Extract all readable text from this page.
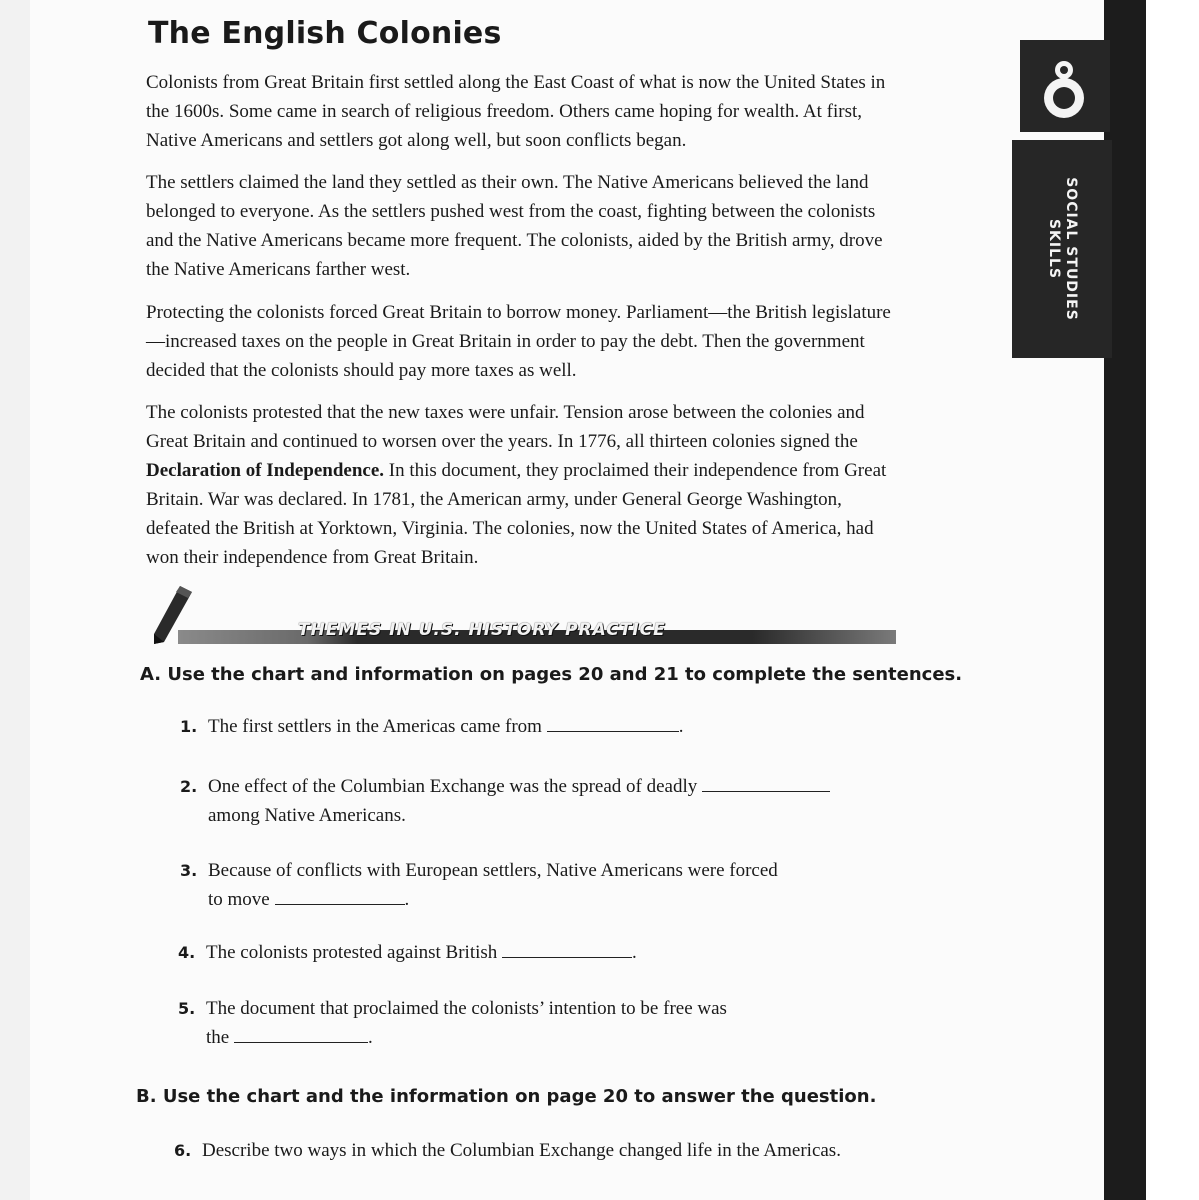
SOCIAL STUDIES
SKILLS
The English Colonies

Colonists from Great Britain first settled along the East Coast of what is now the United States in the 1600s. Some came in search of religious freedom. Others came hoping for wealth. At first, Native Americans and settlers got along well, but soon conflicts began.

The settlers claimed the land they settled as their own. The Native Americans believed the land belonged to everyone. As the settlers pushed west from the coast, fighting between the colonists and the Native Americans became more frequent. The colonists, aided by the British army, drove the Native Americans farther west.

Protecting the colonists forced Great Britain to borrow money. Parliament—the British legislature—increased taxes on the people in Great Britain in order to pay the debt. Then the government decided that the colonists should pay more taxes as well.

The colonists protested that the new taxes were unfair. Tension arose between the colonies and Great Britain and continued to worsen over the years. In 1776, all thirteen colonies signed the Declaration of Independence. In this document, they proclaimed their independence from Great Britain. War was declared. In 1781, the American army, under General George Washington, defeated the British at Yorktown, Virginia. The colonies, now the United States of America, had won their independence from Great Britain.

THEMES IN U.S. HISTORY PRACTICE

A. Use the chart and information on pages 20 and 21 to complete the sentences.

1. The first settlers in the Americas came from	.
2. One effect of the Columbian Exchange was the spread of deadly
among Native Americans.
3. Because of conflicts with European settlers, Native Americans were forced
to move	.
4. The colonists protested against British	.
5. The document that proclaimed the colonists’ intention to be free was
the	.

B. Use the chart and the information on page 20 to answer the question.

6. Describe two ways in which the Columbian Exchange changed life in the Americas.
